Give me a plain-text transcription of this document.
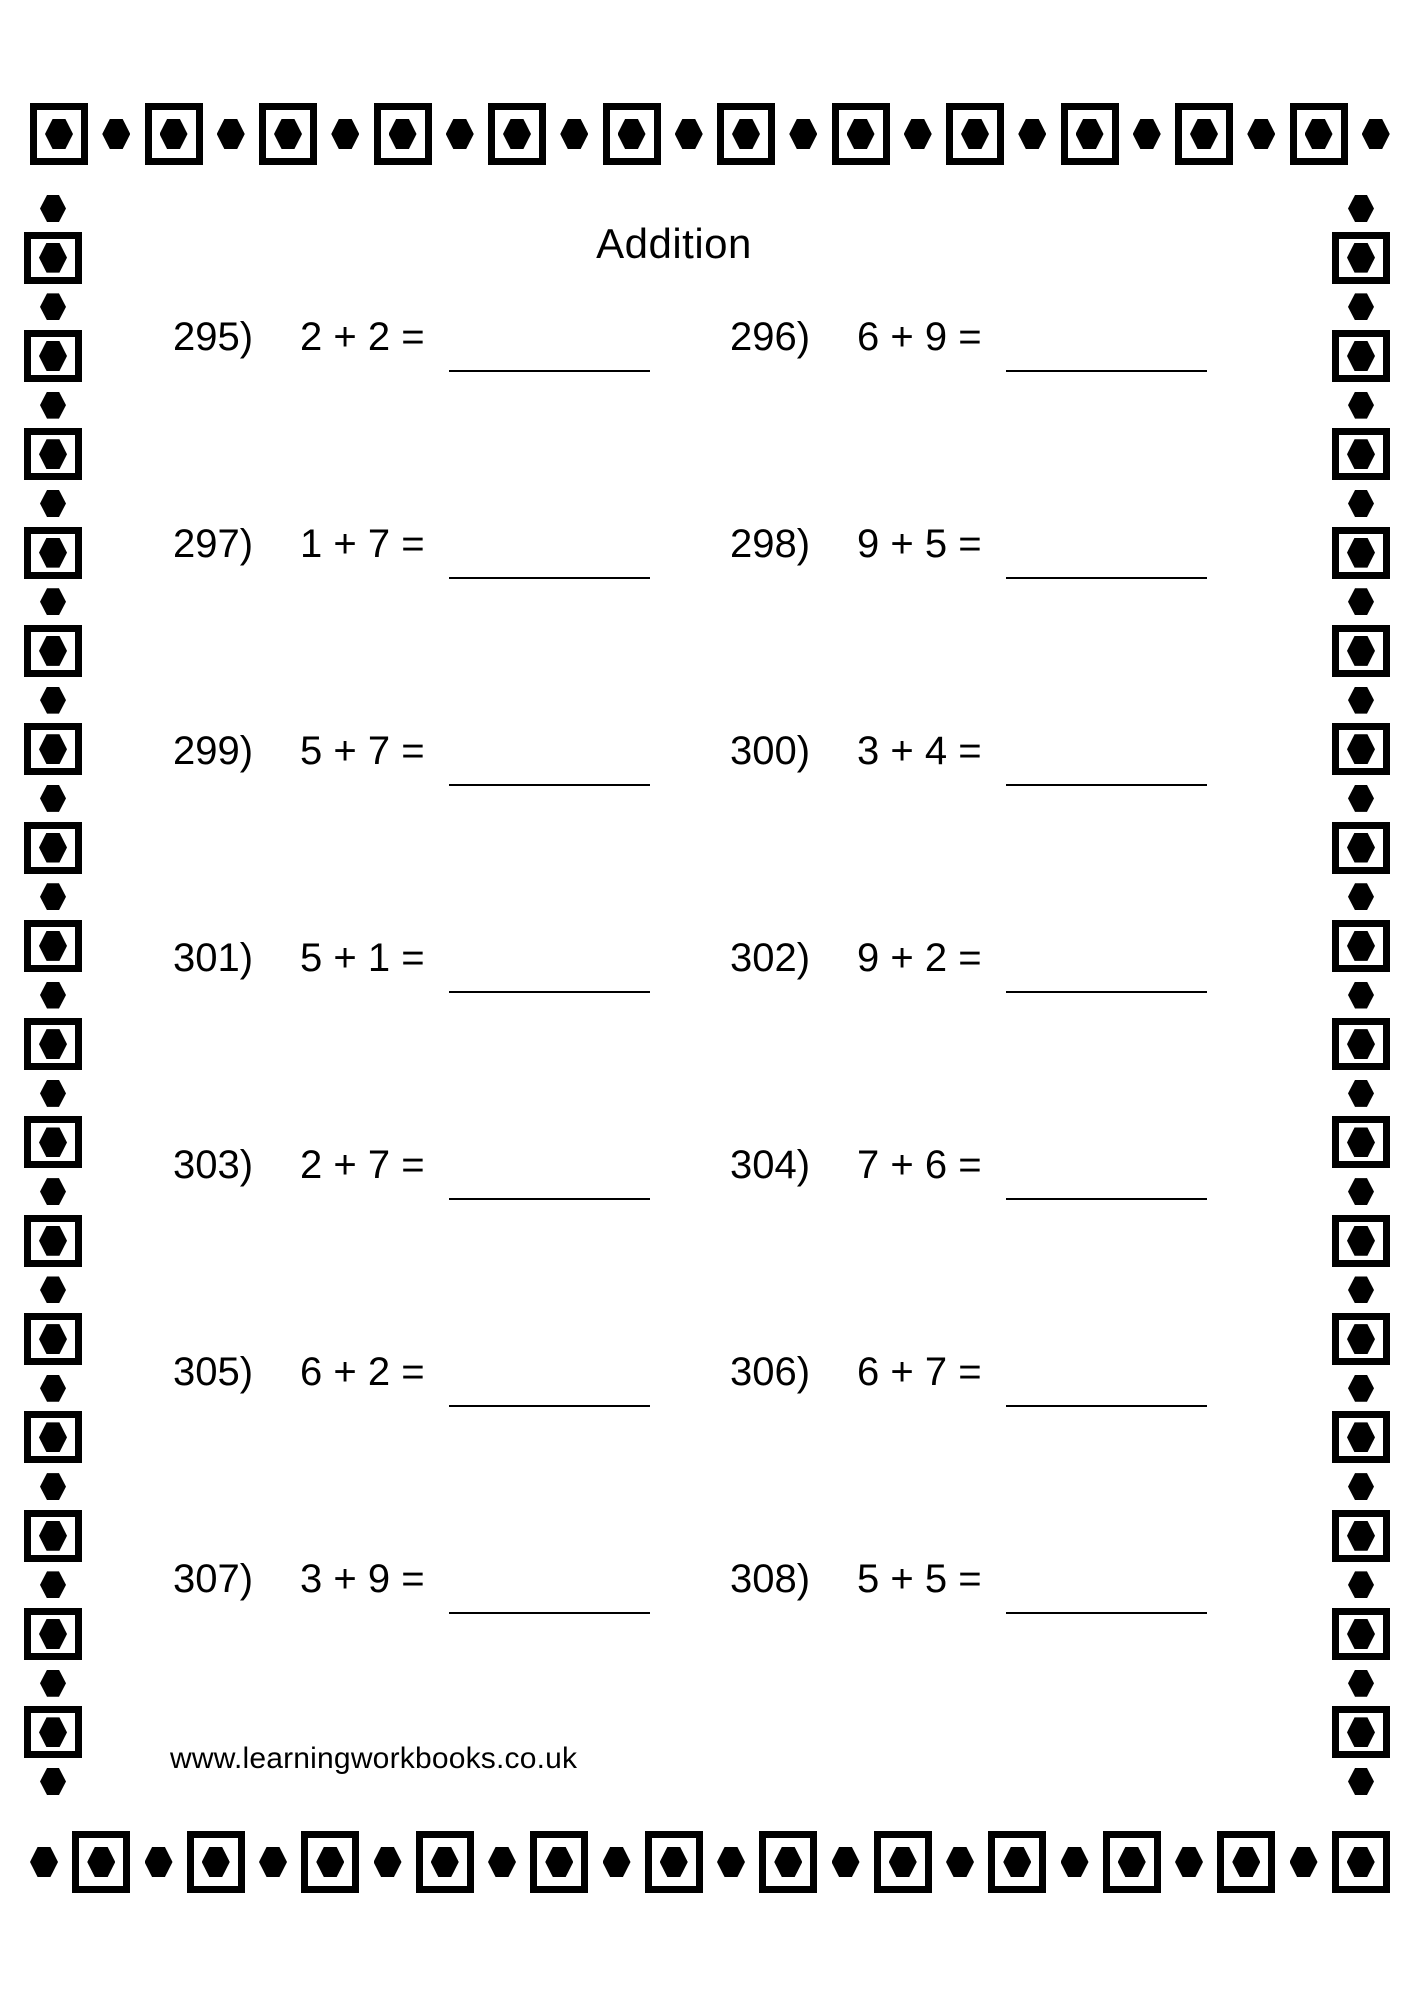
Addition
295) 2 + 2 =	296) 6 + 9 =
297) 1 + 7 =	298) 9 + 5 =
299) 5 + 7 =	300) 3 + 4 =
301) 5 + 1 =	302) 9 + 2 =
303) 2 + 7 =	304) 7 + 6 =
305) 6 + 2 =	306) 6 + 7 =
307) 3 + 9 =	308) 5 + 5 =
www.learningworkbooks.co.uk
